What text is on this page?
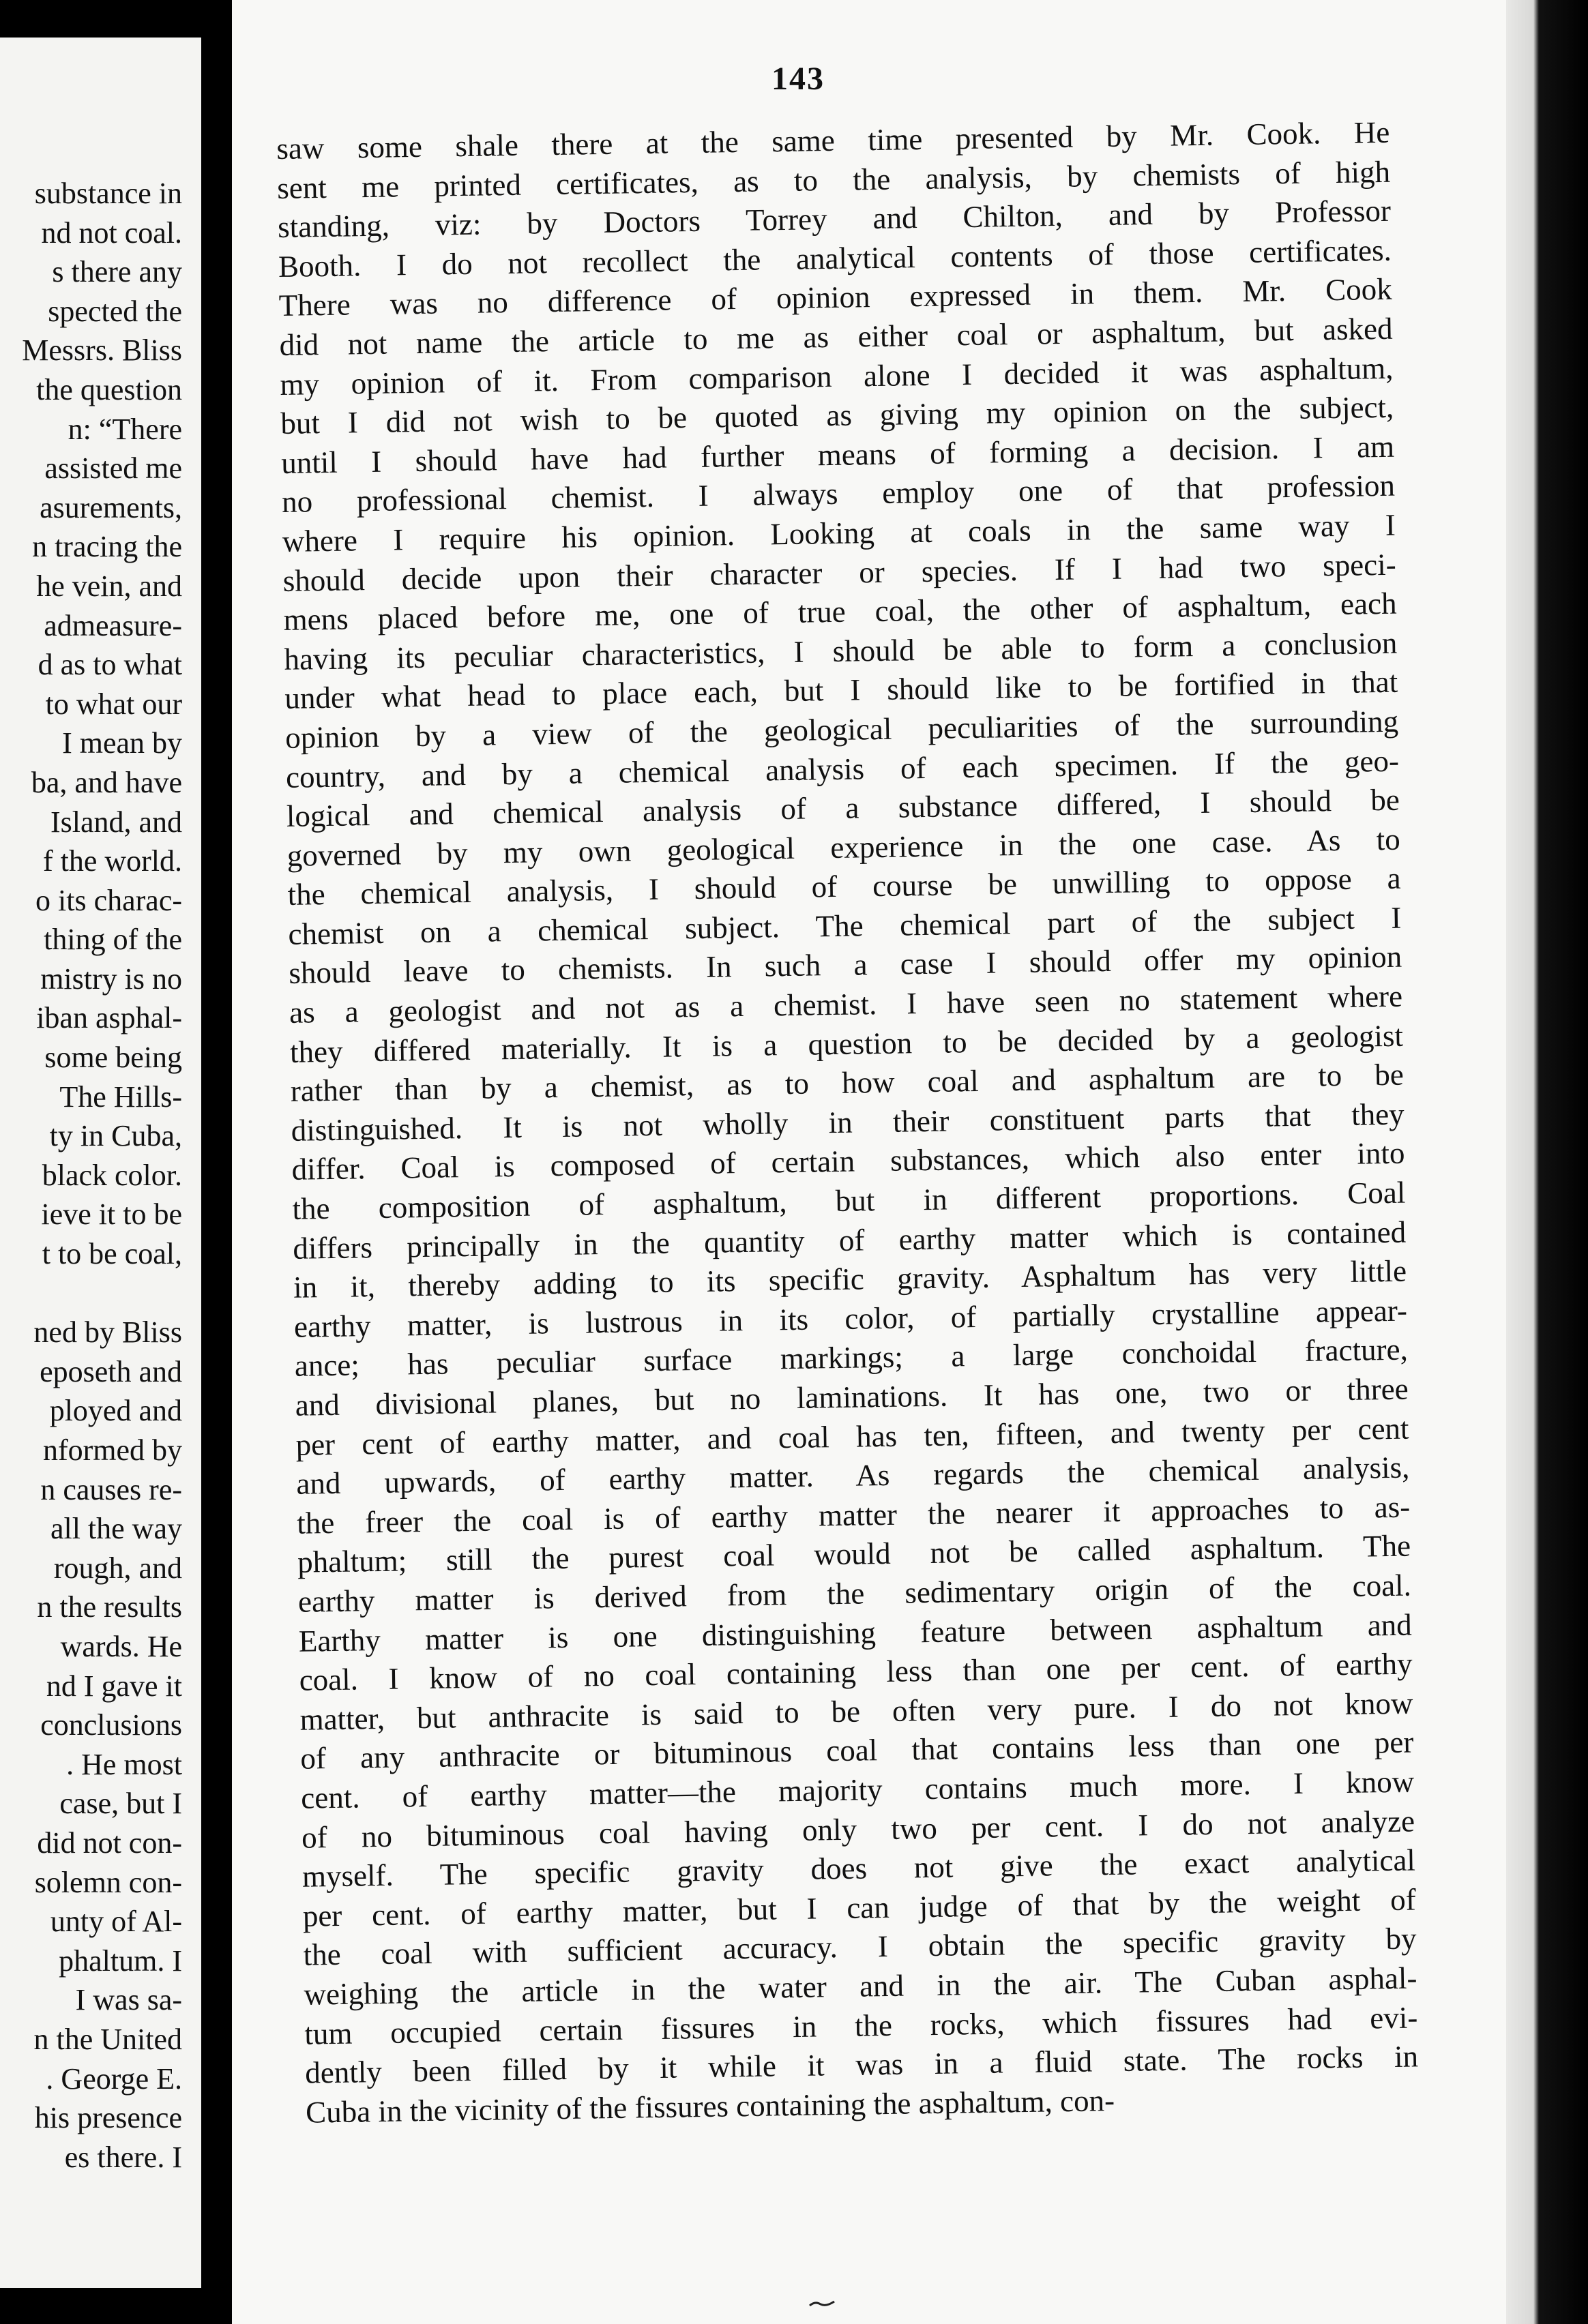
substance in
nd not coal.
s there any
spected the
Messrs. Bliss
the question
n: “There
assisted me
asurements,
n tracing the
he vein, and
admeasure-
d as to what
to what our
I mean by
ba, and have
Island, and
f the world.
o its charac-
thing of the
mistry is no
iban asphal-
some being
The Hills-
ty in Cuba,
black color.
ieve it to be
t to be coal,

ned by Bliss
eposeth and
ployed and
nformed by
n causes re-
all the way
rough, and
n the results
wards. He
nd I gave it
conclusions
. He most
case, but I
did not con-
solemn con-
unty of Al-
phaltum. I
I was sa-
n the United
. George E.
his presence
es there. I
143
saw some shale there at the same time presented by Mr. Cook. He
sent me printed certificates, as to the analysis, by chemists of high
standing, viz: by Doctors Torrey and Chilton, and by Professor
Booth. I do not recollect the analytical contents of those certificates.
There was no difference of opinion expressed in them. Mr. Cook
did not name the article to me as either coal or asphaltum, but asked
my opinion of it. From comparison alone I decided it was asphaltum,
but I did not wish to be quoted as giving my opinion on the subject,
until I should have had further means of forming a decision. I am
no professional chemist. I always employ one of that profession
where I require his opinion. Looking at coals in the same way I
should decide upon their character or species. If I had two speci-
mens placed before me, one of true coal, the other of asphaltum, each
having its peculiar characteristics, I should be able to form a conclusion
under what head to place each, but I should like to be fortified in that
opinion by a view of the geological peculiarities of the surrounding
country, and by a chemical analysis of each specimen. If the geo-
logical and chemical analysis of a substance differed, I should be
governed by my own geological experience in the one case. As to
the chemical analysis, I should of course be unwilling to oppose a
chemist on a chemical subject. The chemical part of the subject I
should leave to chemists. In such a case I should offer my opinion
as a geologist and not as a chemist. I have seen no statement where
they differed materially. It is a question to be decided by a geologist
rather than by a chemist, as to how coal and asphaltum are to be
distinguished. It is not wholly in their constituent parts that they
differ. Coal is composed of certain substances, which also enter into
the composition of asphaltum, but in different proportions. Coal
differs principally in the quantity of earthy matter which is contained
in it, thereby adding to its specific gravity. Asphaltum has very little
earthy matter, is lustrous in its color, of partially crystalline appear-
ance; has peculiar surface markings; a large conchoidal fracture,
and divisional planes, but no laminations. It has one, two or three
per cent of earthy matter, and coal has ten, fifteen, and twenty per cent
and upwards, of earthy matter. As regards the chemical analysis,
the freer the coal is of earthy matter the nearer it approaches to as-
phaltum; still the purest coal would not be called asphaltum. The
earthy matter is derived from the sedimentary origin of the coal.
Earthy matter is one distinguishing feature between asphaltum and
coal. I know of no coal containing less than one per cent. of earthy
matter, but anthracite is said to be often very pure. I do not know
of any anthracite or bituminous coal that contains less than one per
cent. of earthy matter—the majority contains much more. I know
of no bituminous coal having only two per cent. I do not analyze
myself. The specific gravity does not give the exact analytical
per cent. of earthy matter, but I can judge of that by the weight of
the coal with sufficient accuracy. I obtain the specific gravity by
weighing the article in the water and in the air. The Cuban asphal-
tum occupied certain fissures in the rocks, which fissures had evi-
dently been filled by it while it was in a fluid state. The rocks in
Cuba in the vicinity of the fissures containing the asphaltum, con-
